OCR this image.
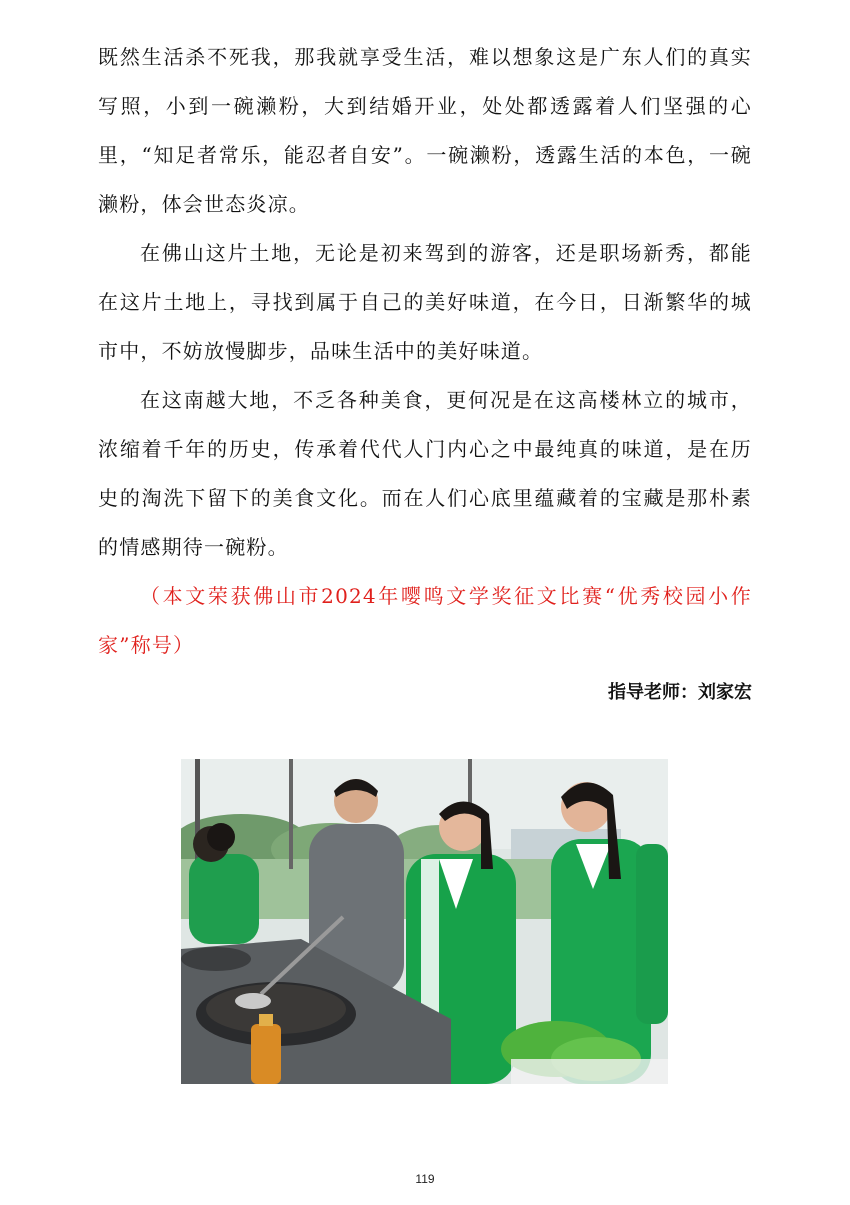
既然生活杀不死我，那我就享受生活，难以想象这是广东人们的真实写照，小到一碗濑粉，大到结婚开业，处处都透露着人们坚强的心里，“知足者常乐，能忍者自安”。一碗濑粉，透露生活的本色，一碗濑粉，体会世态炎凉。

在佛山这片土地，无论是初来驾到的游客，还是职场新秀，都能在这片土地上，寻找到属于自己的美好味道，在今日，日渐繁华的城市中，不妨放慢脚步，品味生活中的美好味道。

在这南越大地，不乏各种美食，更何况是在这高楼林立的城市，浓缩着千年的历史，传承着代代人门内心之中最纯真的味道，是在历史的淘洗下留下的美食文化。而在人们心底里蕴藏着的宝藏是那朴素的情感期待一碗粉。

（本文荣获佛山市2024年嘤鸣文学奖征文比赛“优秀校园小作家”称号）

指导老师：刘家宏
119
